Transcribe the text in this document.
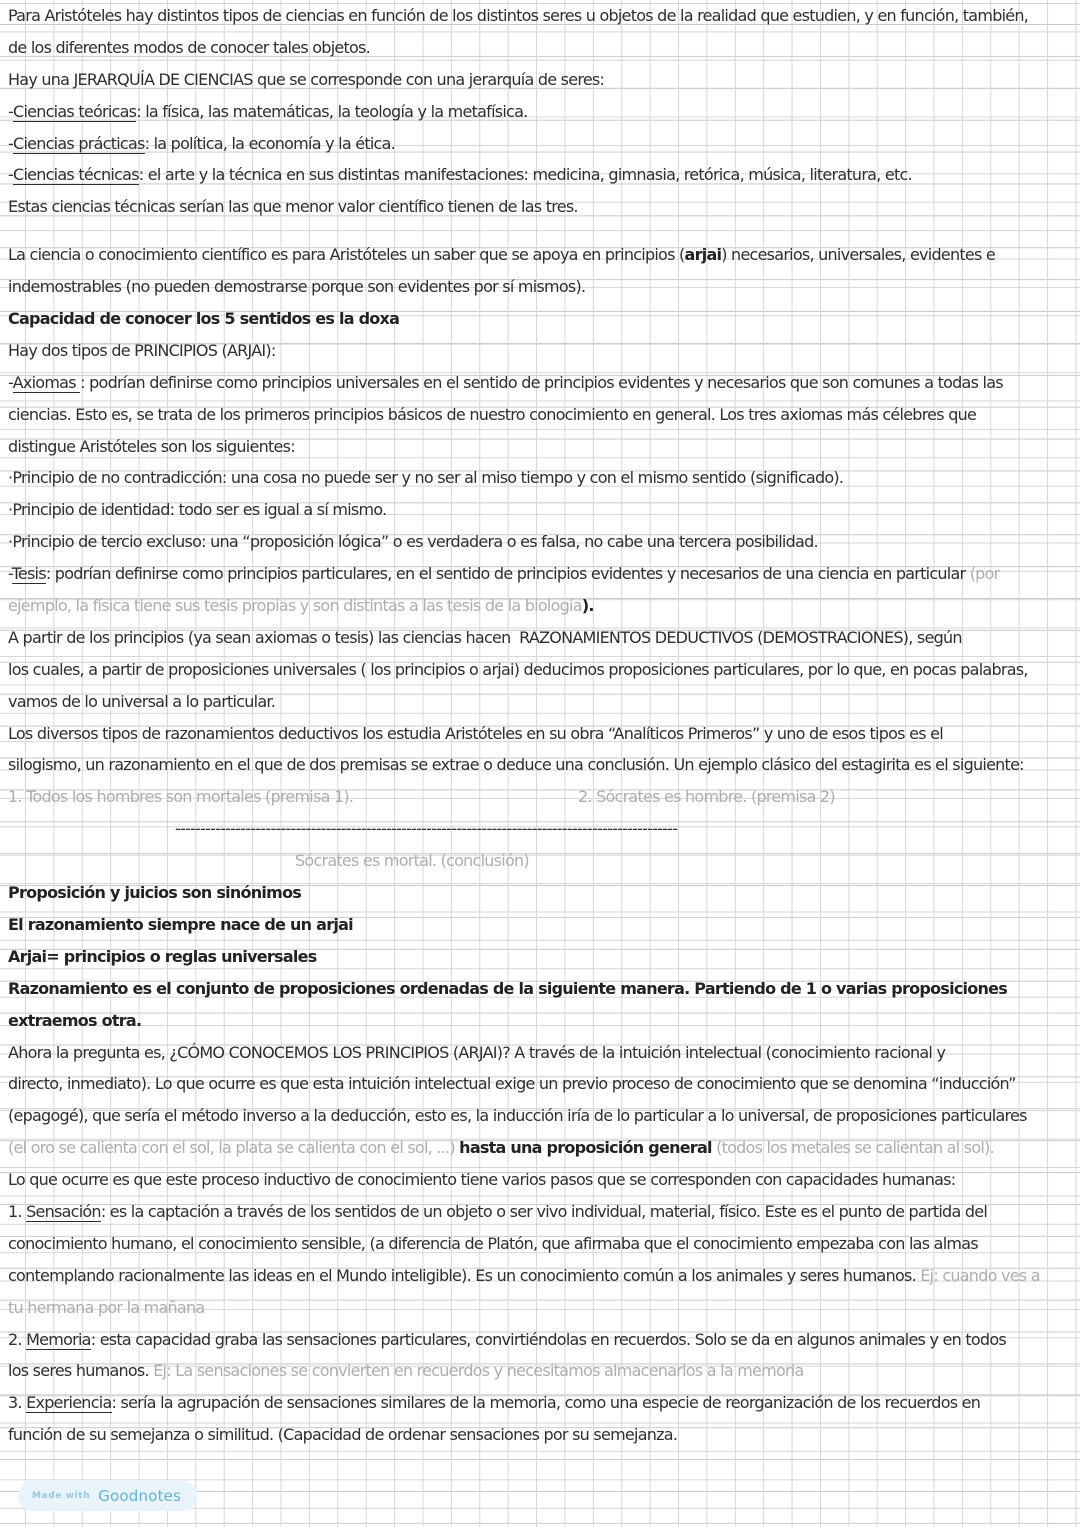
Para Aristóteles hay distintos tipos de ciencias en función de los distintos seres u objetos de la realidad que estudien, y en función, también,
de los diferentes modos de conocer tales objetos.
Hay una JERARQUÍA DE CIENCIAS que se corresponde con una jerarquía de seres:
-Ciencias teóricas: la física, las matemáticas, la teología y la metafísica.
-Ciencias prácticas: la política, la economía y la ética.
-Ciencias técnicas: el arte y la técnica en sus distintas manifestaciones: medicina, gimnasia, retórica, música, literatura, etc.
Estas ciencias técnicas serían las que menor valor científico tienen de las tres.
La ciencia o conocimiento científico es para Aristóteles un saber que se apoya en principios (arjai) necesarios, universales, evidentes e
indemostrables (no pueden demostrarse porque son evidentes por sí mismos).
Capacidad de conocer los 5 sentidos es la doxa
Hay dos tipos de PRINCIPIOS (ARJAI):
-Axiomas : podrían definirse como principios universales en el sentido de principios evidentes y necesarios que son comunes a todas las
ciencias. Esto es, se trata de los primeros principios básicos de nuestro conocimiento en general. Los tres axiomas más célebres que
distingue Aristóteles son los siguientes:
·Principio de no contradicción: una cosa no puede ser y no ser al miso tiempo y con el mismo sentido (significado).
·Principio de identidad: todo ser es igual a sí mismo.
·Principio de tercio excluso: una “proposición lógica” o es verdadera o es falsa, no cabe una tercera posibilidad.
-Tesis: podrían definirse como principios particulares, en el sentido de principios evidentes y necesarios de una ciencia en particular (por
ejemplo, la física tiene sus tesis propias y son distintas a las tesis de la biología).
A partir de los principios (ya sean axiomas o tesis) las ciencias hacen  RAZONAMIENTOS DEDUCTIVOS (DEMOSTRACIONES), según
los cuales, a partir de proposiciones universales ( los principios o arjai) deducimos proposiciones particulares, por lo que, en pocas palabras,
vamos de lo universal a lo particular.
Los diversos tipos de razonamientos deductivos los estudia Aristóteles en su obra “Analíticos Primeros” y uno de esos tipos es el
silogismo, un razonamiento en el que de dos premisas se extrae o deduce una conclusión. Un ejemplo clásico del estagirita es el siguiente:
1. Todos los hombres son mortales (premisa 1).	2. Sócrates es hombre. (premisa 2)
----------------------------------------------------------------------------------------------------
Sócrates es mortal. (conclusión)
Proposición y juicios son sinónimos
El razonamiento siempre nace de un arjai
Arjai= principios o reglas universales
Razonamiento es el conjunto de proposiciones ordenadas de la siguiente manera. Partiendo de 1 o varias proposiciones
extraemos otra.
Ahora la pregunta es, ¿CÓMO CONOCEMOS LOS PRINCIPIOS (ARJAI)? A través de la intuición intelectual (conocimiento racional y
directo, inmediato). Lo que ocurre es que esta intuición intelectual exige un previo proceso de conocimiento que se denomina “inducción”
(epagogé), que sería el método inverso a la deducción, esto es, la inducción iría de lo particular a lo universal, de proposiciones particulares
(el oro se calienta con el sol, la plata se calienta con el sol, ...) hasta una proposición general (todos los metales se calientan al sol).
Lo que ocurre es que este proceso inductivo de conocimiento tiene varios pasos que se corresponden con capacidades humanas:
1. Sensación: es la captación a través de los sentidos de un objeto o ser vivo individual, material, físico. Este es el punto de partida del
conocimiento humano, el conocimiento sensible, (a diferencia de Platón, que afirmaba que el conocimiento empezaba con las almas
contemplando racionalmente las ideas en el Mundo inteligible). Es un conocimiento común a los animales y seres humanos. Ej: cuando ves a
tu hermana por la mañana
2. Memoria: esta capacidad graba las sensaciones particulares, convirtiéndolas en recuerdos. Solo se da en algunos animales y en todos
los seres humanos. Ej: La sensaciones se convierten en recuerdos y necesitamos almacenarlos a la memoria
3. Experiencia: sería la agrupación de sensaciones similares de la memoria, como una especie de reorganización de los recuerdos en
función de su semejanza o similitud. (Capacidad de ordenar sensaciones por su semejanza.
Made with Goodnotes
